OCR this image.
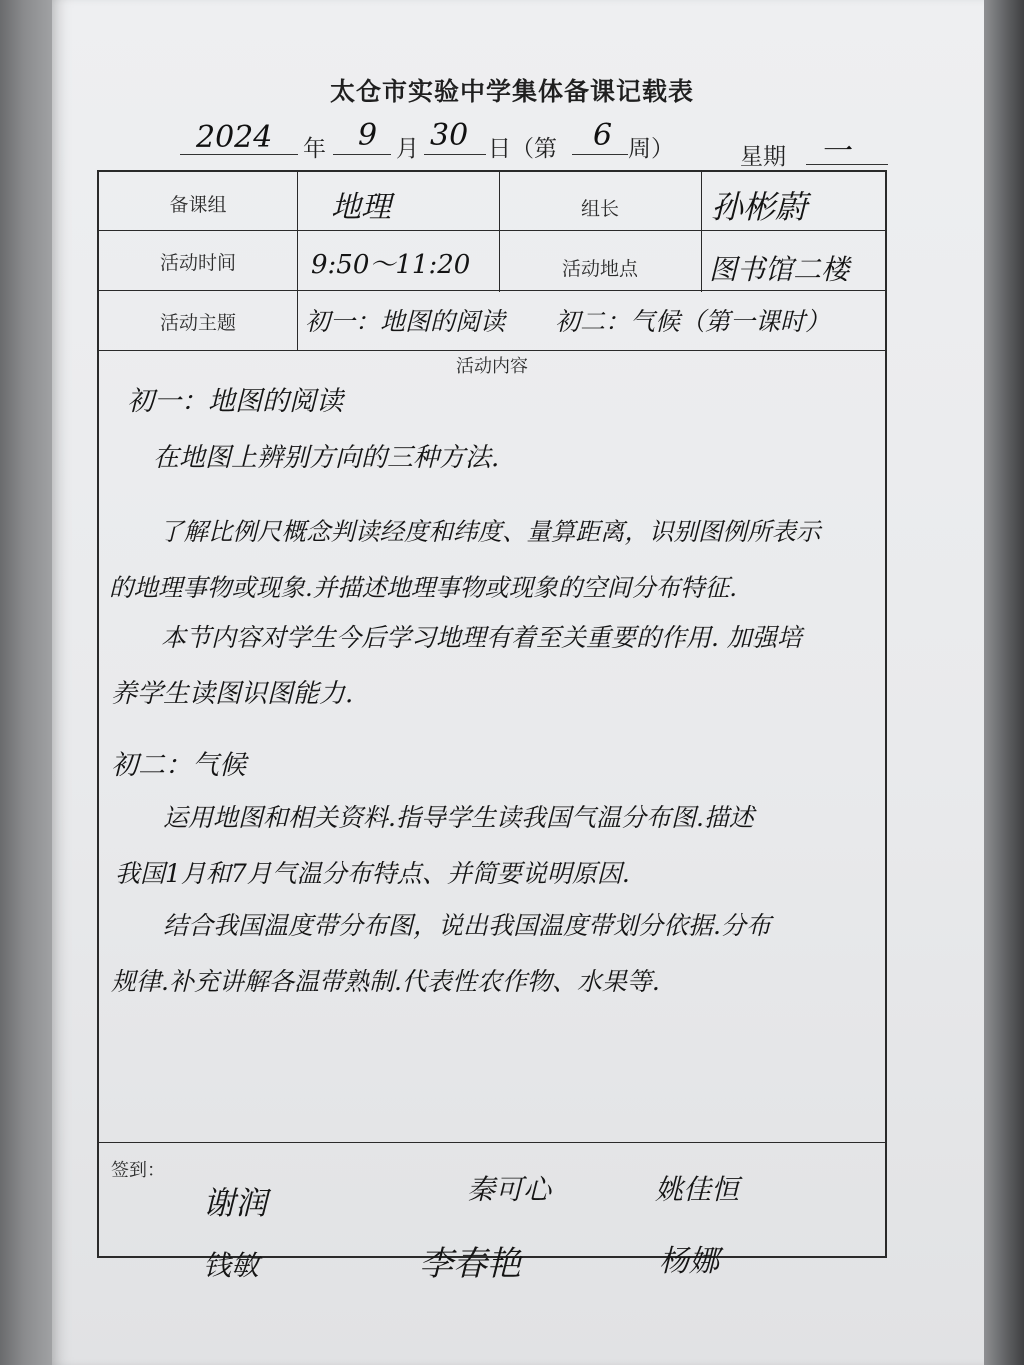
太仓市实验中学集体备课记载表
2024 年 9 月 30 日（第 6 周）	星期 一
备课组	地理	组长	孙彬蔚
活动时间	9:50～11:20	活动地点	图书馆二楼
活动主题	初一：地图的阅读　　初二：气候（第一课时）
活动内容
初一：地图的阅读
在地图上辨别方向的三种方法.
了解比例尺概念判读经度和纬度、量算距离，识别图例所表示
的地理事物或现象.并描述地理事物或现象的空间分布特征.
本节内容对学生今后学习地理有着至关重要的作用. 加强培
养学生读图识图能力.
初二：气候
运用地图和相关资料.指导学生读我国气温分布图.描述
我国1月和7月气温分布特点、并简要说明原因.
结合我国温度带分布图，说出我国温度带划分依据.分布
规律.补充讲解各温带熟制.代表性农作物、水果等.
签到：
谢润	秦可心	姚佳恒
钱敏	李春艳	杨娜
